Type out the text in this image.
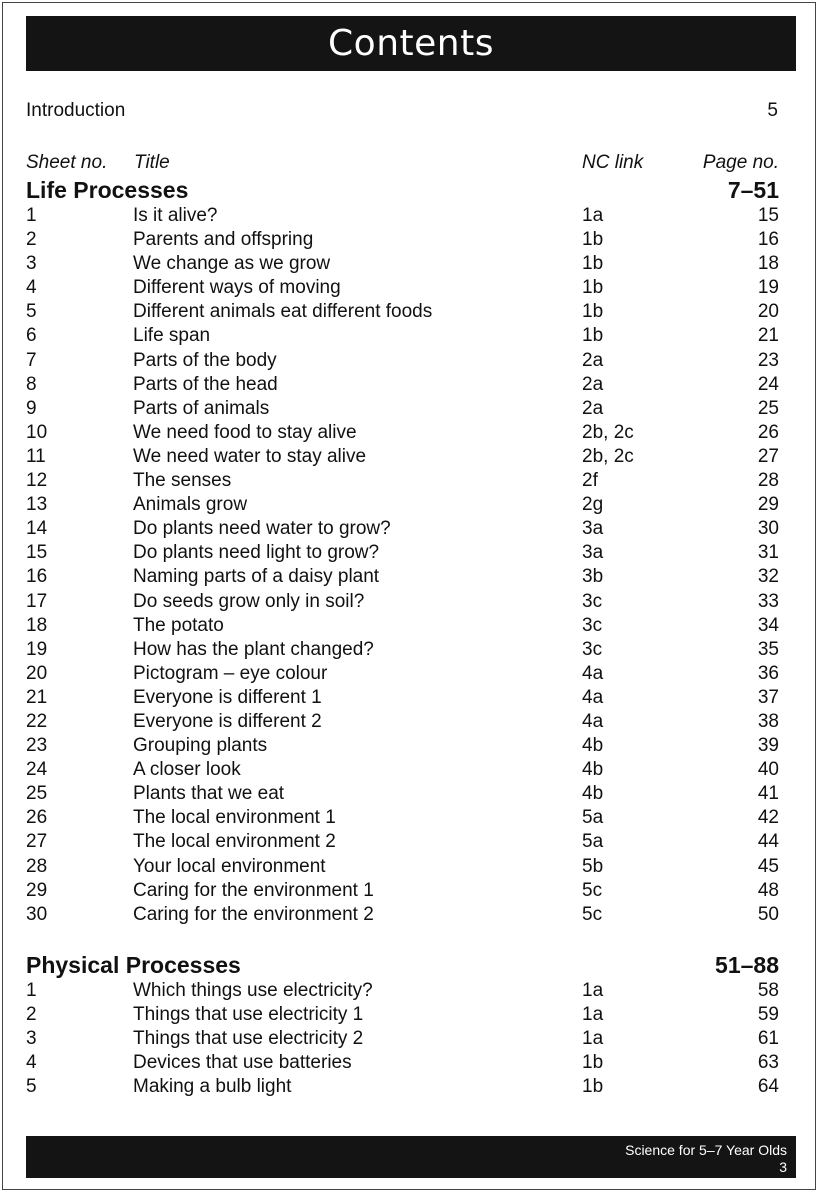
Contents
Introduction	5
Sheet no. Title	NC link	Page no.
Life Processes	7–51
1	Is it alive?	1a	15
2	Parents and offspring	1b	16
3	We change as we grow	1b	18
4	Different ways of moving	1b	19
5	Different animals eat different foods	1b	20
6	Life span	1b	21
7	Parts of the body	2a	23
8	Parts of the head	2a	24
9	Parts of animals	2a	25
10	We need food to stay alive	2b, 2c	26
11	We need water to stay alive	2b, 2c	27
12	The senses	2f	28
13	Animals grow	2g	29
14	Do plants need water to grow?	3a	30
15	Do plants need light to grow?	3a	31
16	Naming parts of a daisy plant	3b	32
17	Do seeds grow only in soil?	3c	33
18	The potato	3c	34
19	How has the plant changed?	3c	35
20	Pictogram – eye colour	4a	36
21	Everyone is different 1	4a	37
22	Everyone is different 2	4a	38
23	Grouping plants	4b	39
24	A closer look	4b	40
25	Plants that we eat	4b	41
26	The local environment 1	5a	42
27	The local environment 2	5a	44
28	Your local environment	5b	45
29	Caring for the environment 1	5c	48
30	Caring for the environment 2	5c	50
Physical Processes	51–88
1	Which things use electricity?	1a	58
2	Things that use electricity 1	1a	59
3	Things that use electricity 2	1a	61
4	Devices that use batteries	1b	63
5	Making a bulb light	1b	64
Science for 5–7 Year Olds
3
